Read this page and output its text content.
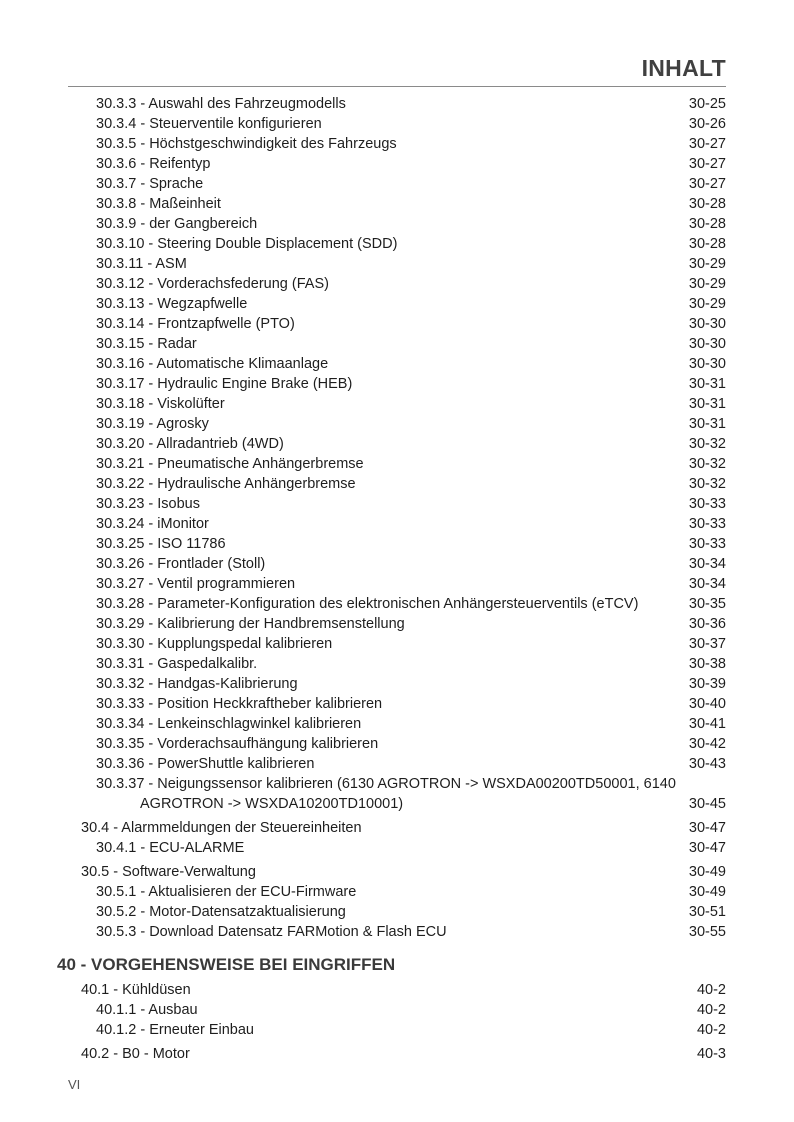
INHALT
30.3.3 - Auswahl des Fahrzeugmodells	30-25
30.3.4 - Steuerventile konfigurieren	30-26
30.3.5 - Höchstgeschwindigkeit des Fahrzeugs	30-27
30.3.6 - Reifentyp	30-27
30.3.7 - Sprache	30-27
30.3.8 - Maßeinheit	30-28
30.3.9 - der Gangbereich	30-28
30.3.10 - Steering Double Displacement (SDD)	30-28
30.3.11 - ASM	30-29
30.3.12 - Vorderachsfederung (FAS)	30-29
30.3.13 - Wegzapfwelle	30-29
30.3.14 - Frontzapfwelle (PTO)	30-30
30.3.15 - Radar	30-30
30.3.16 - Automatische Klimaanlage	30-30
30.3.17 - Hydraulic Engine Brake (HEB)	30-31
30.3.18 - Viskolüfter	30-31
30.3.19 - Agrosky	30-31
30.3.20 - Allradantrieb (4WD)	30-32
30.3.21 - Pneumatische Anhängerbremse	30-32
30.3.22 - Hydraulische Anhängerbremse	30-32
30.3.23 - Isobus	30-33
30.3.24 - iMonitor	30-33
30.3.25 - ISO 11786	30-33
30.3.26 - Frontlader (Stoll)	30-34
30.3.27 - Ventil programmieren	30-34
30.3.28 - Parameter-Konfiguration des elektronischen Anhängersteuerventils (eTCV)	30-35
30.3.29 - Kalibrierung der Handbremsenstellung	30-36
30.3.30 - Kupplungspedal kalibrieren	30-37
30.3.31 - Gaspedalkalibr.	30-38
30.3.32 - Handgas-Kalibrierung	30-39
30.3.33 - Position Heckkraftheber kalibrieren	30-40
30.3.34 - Lenkeinschlagwinkel kalibrieren	30-41
30.3.35 - Vorderachsaufhängung kalibrieren	30-42
30.3.36 - PowerShuttle kalibrieren	30-43
30.3.37 - Neigungssensor kalibrieren (6130 AGROTRON -> WSXDA00200TD50001, 6140
AGROTRON -> WSXDA10200TD10001)	30-45
30.4 - Alarmmeldungen der Steuereinheiten	30-47
30.4.1 - ECU-ALARME	30-47
30.5 - Software-Verwaltung	30-49
30.5.1 - Aktualisieren der ECU-Firmware	30-49
30.5.2 - Motor-Datensatzaktualisierung	30-51
30.5.3 - Download Datensatz FARMotion & Flash ECU	30-55
40 - VORGEHENSWEISE BEI EINGRIFFEN
40.1 - Kühldüsen	40-2
40.1.1 - Ausbau	40-2
40.1.2 - Erneuter Einbau	40-2
40.2 - B0 - Motor	40-3
VI
